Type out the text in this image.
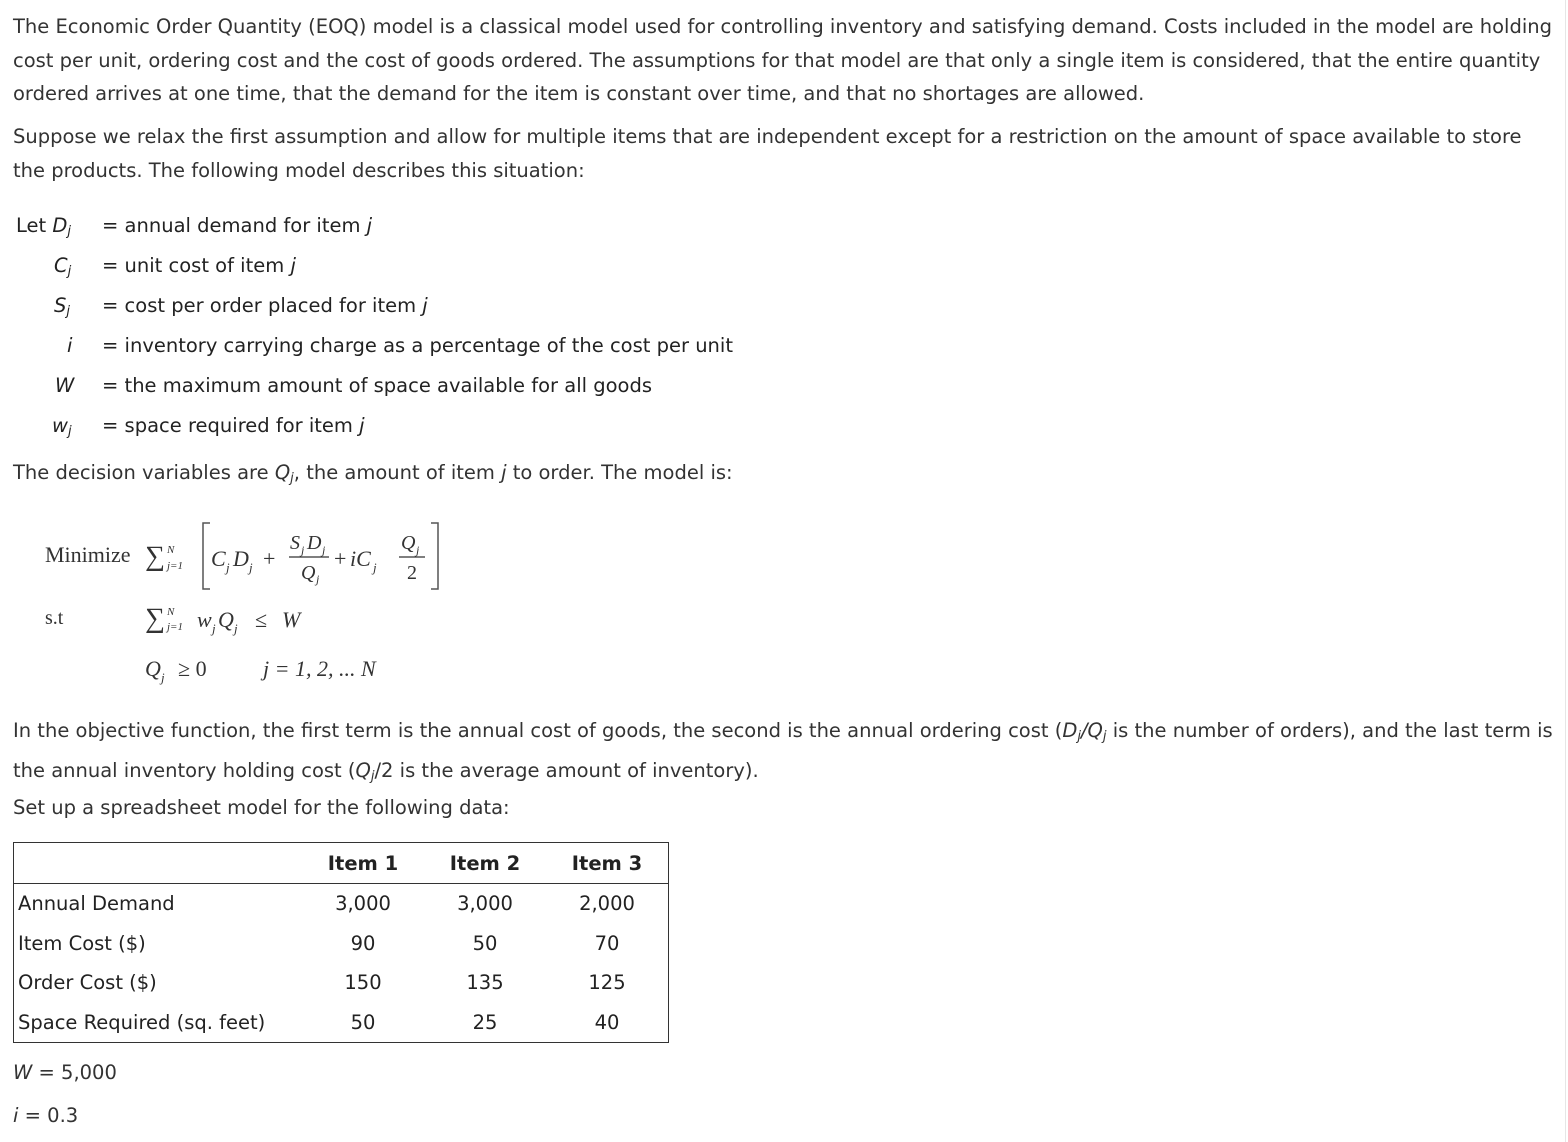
The Economic Order Quantity (EOQ) model is a classical model used for controlling inventory and satisfying demand. Costs included in the model are holding cost per unit, ordering cost and the cost of goods ordered. The assumptions for that model are that only a single item is considered, that the entire quantity ordered arrives at one time, that the demand for the item is constant over time, and that no shortages are allowed.

Suppose we relax the first assumption and allow for multiple items that are independent except for a restriction on the amount of space available to store the products. The following model describes this situation:

Let $D_j$ = annual demand for item j
$C_j$ = unit cost of item j
$S_j = \cos t$ per order placed for item j
i = inventory carrying charge as a percentage of the cost per unit
W = the maximum amount of space available for all goods
$w_j$ = space required for item j
The decision variables are $Q_j$, the amount of item j to order. The model is:
Minimize ∑ N
j=1 C j D j +
S j D j
Q j
+ iC j
Q j
2
s.t	∑ N
j=1 w j Q j ≤ W
Q j ≥ 0	j = 1, 2, ... N

In the objective function, the first term is the annual cost of goods, the second is the annual ordering cost ($D_j/Q_j$ is the number of orders), and the last term is the annual inventory holding cost ($Q_j/2$ is the average amount of inventory).

Set up a spreadsheet model for the following data:

	Item 1	Item 2	Item 3
Annual Demand	3,000	3,000	2,000
Item Cost ($)	90	50	70
Order Cost ($)	150	135	125
Space Required (sq. feet)	50	25	40
W = 5,000
i = 0.3
